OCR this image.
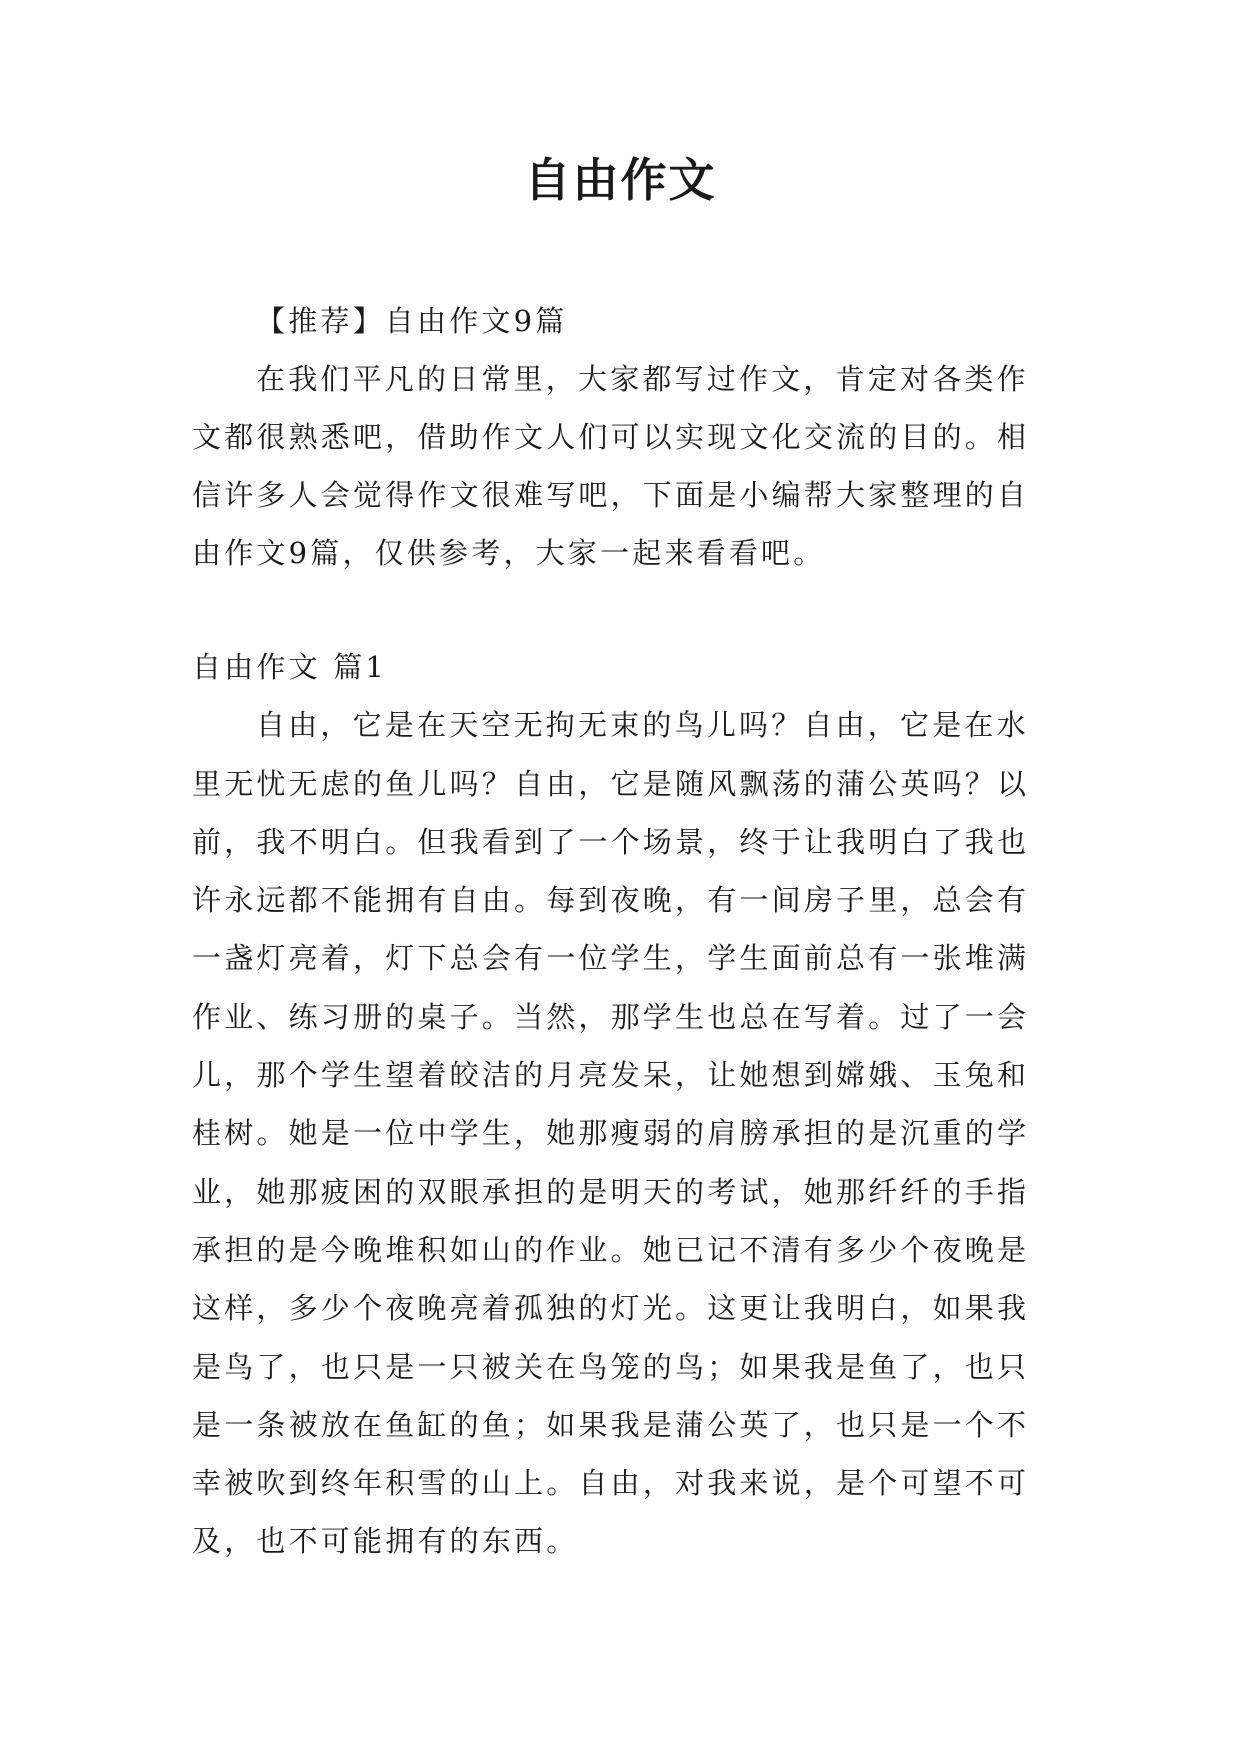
自由作文
【推荐】自由作文9篇
在我们平凡的日常里，大家都写过作文，肯定对各类作文都很熟悉吧，借助作文人们可以实现文化交流的目的。相信许多人会觉得作文很难写吧，下面是小编帮大家整理的自由作文9篇，仅供参考，大家一起来看看吧。
自由作文 篇1
自由，它是在天空无拘无束的鸟儿吗？自由，它是在水里无忧无虑的鱼儿吗？自由，它是随风飘荡的蒲公英吗？以前，我不明白。但我看到了一个场景，终于让我明白了我也许永远都不能拥有自由。每到夜晚，有一间房子里，总会有一盏灯亮着，灯下总会有一位学生，学生面前总有一张堆满作业、练习册的桌子。当然，那学生也总在写着。过了一会儿，那个学生望着皎洁的月亮发呆，让她想到嫦娥、玉兔和桂树。她是一位中学生，她那瘦弱的肩膀承担的是沉重的学业，她那疲困的双眼承担的是明天的考试，她那纤纤的手指承担的是今晚堆积如山的作业。她已记不清有多少个夜晚是这样，多少个夜晚亮着孤独的灯光。这更让我明白，如果我是鸟了，也只是一只被关在鸟笼的鸟；如果我是鱼了，也只是一条被放在鱼缸的鱼；如果我是蒲公英了，也只是一个不幸被吹到终年积雪的山上。自由，对我来说，是个可望不可及，也不可能拥有的东西。
